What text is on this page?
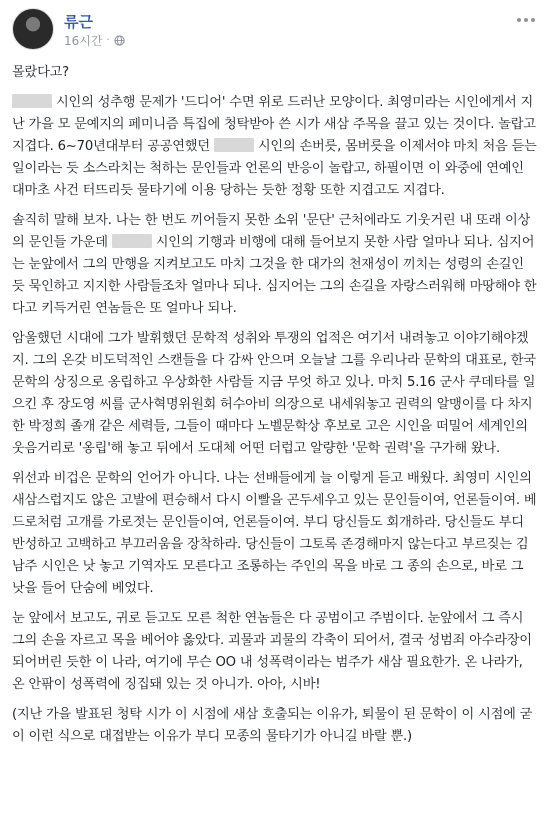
류근
16시간 ·

몰랐다고?

시인의 성추행 문제가 '드디어' 수면 위로 드러난 모양이다. 최영미라는 시인에게서 지난 가을 모 문예지의 페미니즘 특집에 청탁받아 쓴 시가 새삼 주목을 끌고 있는 것이다. 놀랍고 지겹다. 6~70년대부터 공공연했던	시인의 손버릇, 몸버릇을 이제서야 마치 처음 듣는 일이라는 듯 소스라치는 척하는 문인들과 언론의 반응이 놀랍고, 하필이면 이 와중에 연예인 대마초 사건 터뜨리듯 물타기에 이용 당하는 듯한 정황 또한 지겹고도 지겹다.

솔직히 말해 보자. 나는 한 번도 끼어들지 못한 소위 '문단' 근처에라도 기웃거린 내 또래 이상의 문인들 가운데	시인의 기행과 비행에 대해 들어보지 못한 사람 얼마나 되나. 심지어는 눈앞에서 그의 만행을 지켜보고도 마치 그것을 한 대가의 천재성이 끼치는 성령의 손길인 듯 묵인하고 지지한 사람들조차 얼마나 되나. 심지어는 그의 손길을 자랑스러워해 마땅해야 한다고 키득거린 연놈들은 또 얼마나 되나.

암울했던 시대에 그가 발휘했던 문학적 성취와 투쟁의 업적은 여기서 내려놓고 이야기해야겠지. 그의 온갖 비도덕적인 스캔들을 다 감싸 안으며 오늘날 그를 우리나라 문학의 대표로, 한국문학의 상징으로 옹립하고 우상화한 사람들 지금 무엇 하고 있나. 마치 5.16 군사 쿠데타를 일으킨 후 장도영 씨를 군사혁명위원회 허수아비 의장으로 내세워놓고 권력의 알맹이를 다 차지한 박정희 졸개 같은 세력들, 그들이 때마다 노벨문학상 후보로 고은 시인을 떠밀어 세계인의 웃음거리로 '옹립'해 놓고 뒤에서 도대체 어떤 더럽고 알량한 '문학 권력'을 구가해 왔나.

위선과 비겁은 문학의 언어가 아니다. 나는 선배들에게 늘 이렇게 듣고 배웠다. 최영미 시인의 새삼스럽지도 않은 고발에 편승해서 다시 이빨을 곤두세우고 있는 문인들이여, 언론들이여. 베드로처럼 고개를 가로젓는 문인들이여, 언론들이여. 부디 당신들도 회개하라. 당신들도 부디 반성하고 고백하고 부끄러움을 장착하라. 당신들이 그토록 존경해마지 않는다고 부르짖는 김남주 시인은 낫 놓고 기역자도 모른다고 조롱하는 주인의 목을 바로 그 종의 손으로, 바로 그 낫을 들어 단숨에 베었다.

눈 앞에서 보고도, 귀로 듣고도 모른 척한 연놈들은 다 공범이고 주범이다. 눈앞에서 그 즉시 그의 손을 자르고 목을 베어야 옳았다. 괴물과 괴물의 각축이 되어서, 결국 성범죄 아수라장이 되어버린 듯한 이 나라, 여기에 무슨 OO 내 성폭력이라는 범주가 새삼 필요한가. 온 나라가, 온 안팎이 성폭력에 징집돼 있는 것 아니가. 아아, 시바!

(지난 가을 발표된 청탁 시가 이 시점에 새삼 호출되는 이유가, 퇴물이 된 문학이 이 시점에 굳이 이런 식으로 대접받는 이유가 부디 모종의 물타기가 아니길 바랄 뿐.)
